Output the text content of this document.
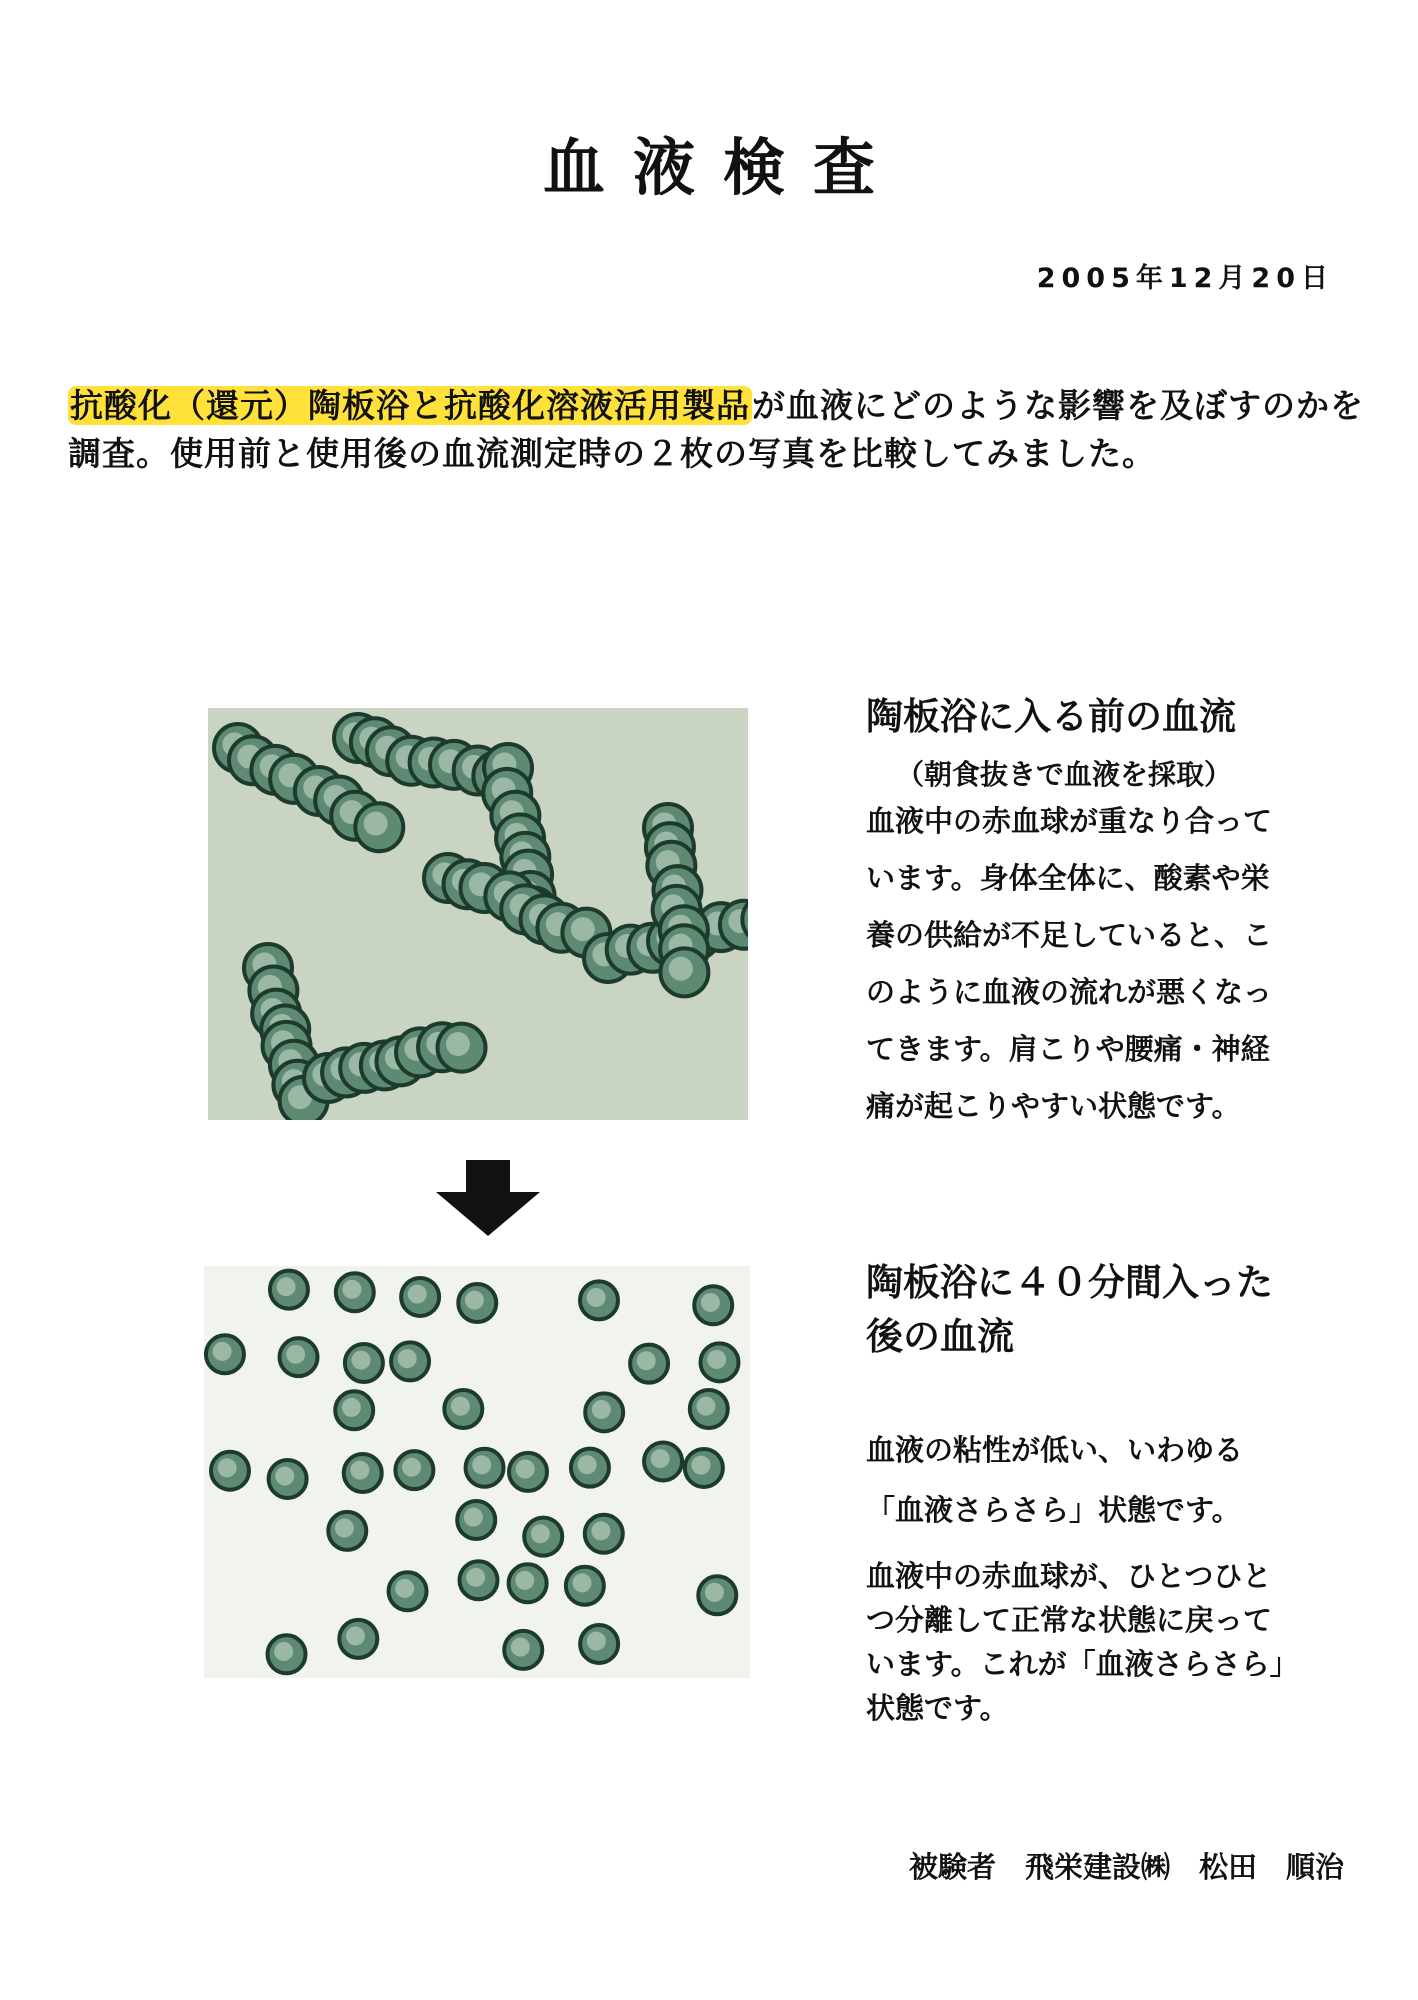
血液検査
2005年12月20日
抗酸化（還元）陶板浴と抗酸化溶液活用製品が血液にどのような影響を及ぼすのかを調査。使用前と使用後の血流測定時の２枚の写真を比較してみました。
陶板浴に入る前の血流
（朝食抜きで血液を採取）
血液中の赤血球が重なり合っています。身体全体に、酸素や栄養の供給が不足していると、このように血液の流れが悪くなってきます。肩こりや腰痛・神経痛が起こりやすい状態です。
陶板浴に４０分間入った後の血流
血液の粘性が低い、いわゆる「血液さらさら」状態です。
血液中の赤血球が、ひとつひとつ分離して正常な状態に戻っています。これが「血液さらさら」状態です。
被験者　飛栄建設㈱　松田　順治
